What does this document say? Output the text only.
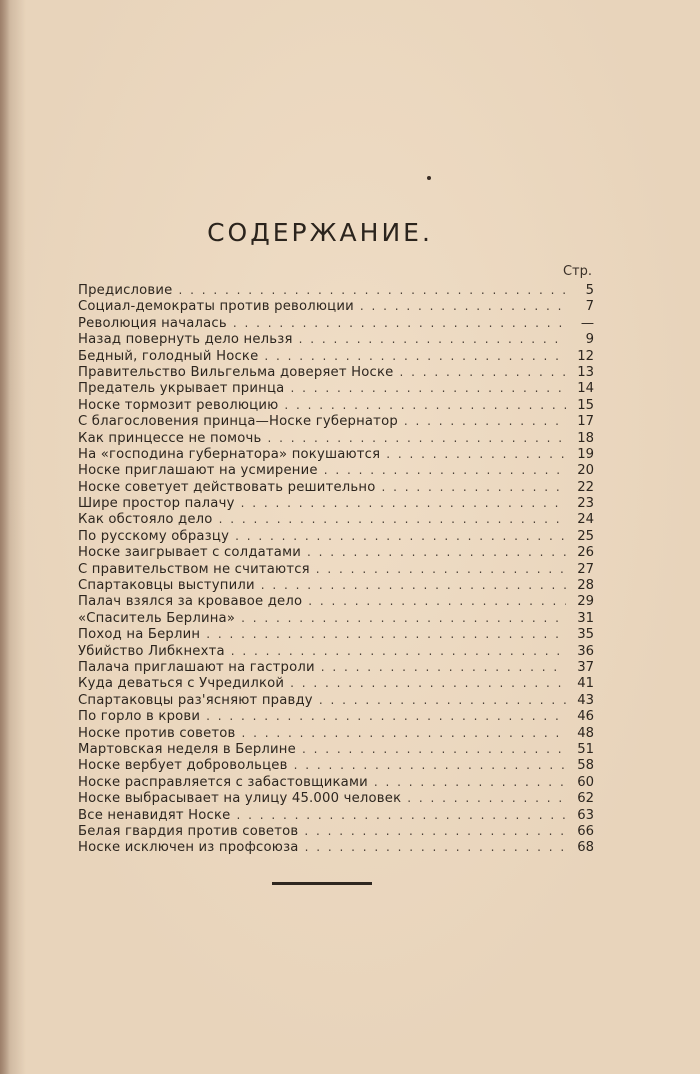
СОДЕРЖАНИЕ.
Стр.
Предисловие . . .	5
Социал-демократы против революции . . .	7
Революция началась . . .	—
Назад повернуть дело нельзя . . .	9
Бедный, голодный Носке . . .	12
Правительство Вильгельма доверяет Носке . . .	13
Предатель укрывает принца . . .	14
Носке тормозит революцию . . .	15
С благословения принца—Носке губернатор . . .	17
Как принцессе не помочь . . .	18
На «господина губернатора» покушаются . . .	19
Носке приглашают на усмирение . . .	20
Носке советует действовать решительно . . .	22
Шире простор палачу . . .	23
Как обстояло дело . . .	24
По русскому образцу . . .	25
Носке заигрывает с солдатами . . .	26
С правительством не считаются . . .	27
Спартаковцы выступили . . .	28
Палач взялся за кровавое дело . . .	29
«Спаситель Берлина» . . .	31
Поход на Берлин . . .	35
Убийство Либкнехта . . .	36
Палача приглашают на гастроли . . .	37
Куда деваться с Учредилкой . . .	41
Спартаковцы раз'ясняют правду . . .	43
По горло в крови . . .	46
Носке против советов . . .	48
Мартовская неделя в Берлине . . .	51
Носке вербует добровольцев . . .	58
Носке расправляется с забастовщиками . . .	60
Носке выбрасывает на улицу 45.000 человек . . .	62
Все ненавидят Носке . . .	63
Белая гвардия против советов . . .	66
Носке исключен из профсоюза . . .	68
